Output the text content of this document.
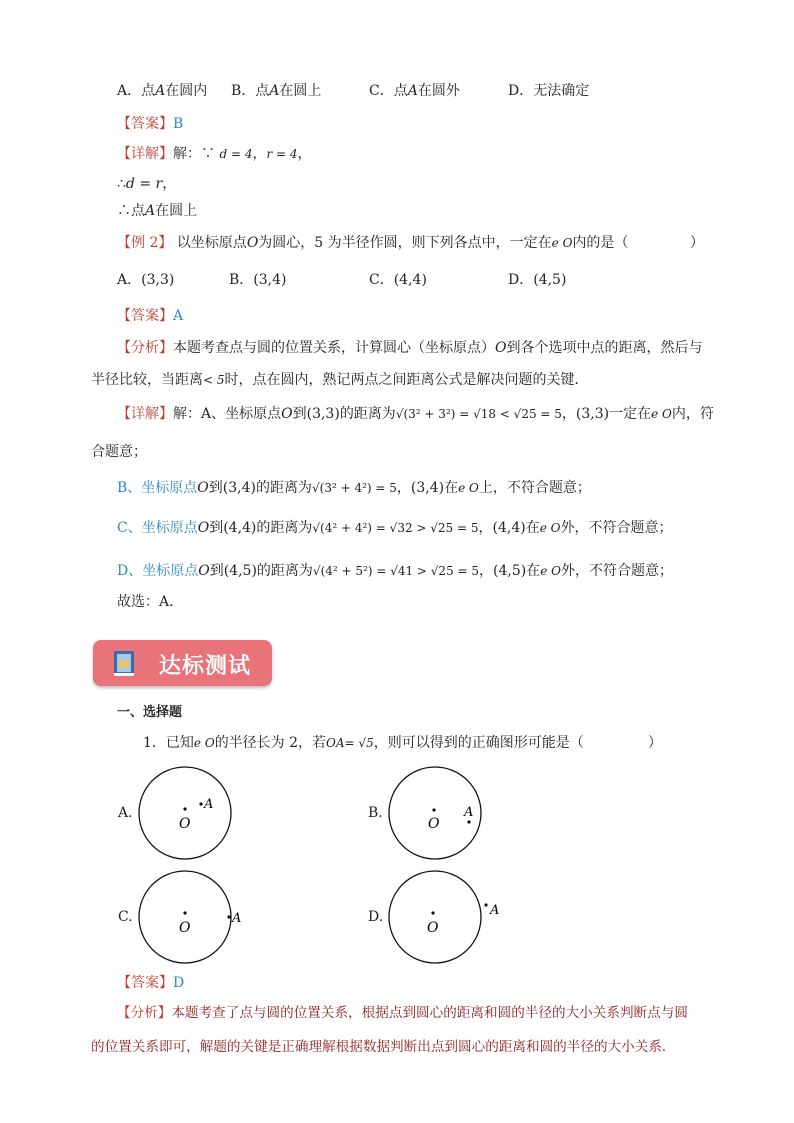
A．点A在圆内 B．点A在圆上	C．点A在圆外	D．无法确定
【答案】B
【详解】解：∵ d = 4，r = 4，
∴d = r，
∴点A在圆上
【例 2】 以坐标原点O为圆心，5 为半径作圆，则下列各点中，一定在e O内的是（	）
A．(3,3)	B．(3,4)	C．(4,4)	D．(4,5)
【答案】A
【分析】本题考查点与圆的位置关系，计算圆心（坐标原点）O到各个选项中点的距离，然后与
半径比较，当距离< 5时，点在圆内，熟记两点之间距离公式是解决问题的关键．
【详解】解：A、坐标原点O到(3,3)的距离为√(3² + 3²) = √18 < √25 = 5，(3,3)一定在e O内，符
合题意；
B、坐标原点O到(3,4)的距离为√(3² + 4²) = 5，(3,4)在e O上，不符合题意；
C、坐标原点O到(4,4)的距离为√(4² + 4²) = √32 > √25 = 5，(4,4)在e O外，不符合题意；
D、坐标原点O到(4,5)的距离为√(4² + 5²) = √41 > √25 = 5，(4,5)在e O外，不符合题意；
故选：A．
达标测试
一、选择题
1．已知e O的半径长为 2，若OA= √5，则可以得到的正确图形可能是（	）
A.
O
A
B.
O
A
C.
O
A	D.
O
A
【答案】D
【分析】本题考查了点与圆的位置关系，根据点到圆心的距离和圆的半径的大小关系判断点与圆
的位置关系即可，解题的关键是正确理解根据数据判断出点到圆心的距离和圆的半径的大小关系．
